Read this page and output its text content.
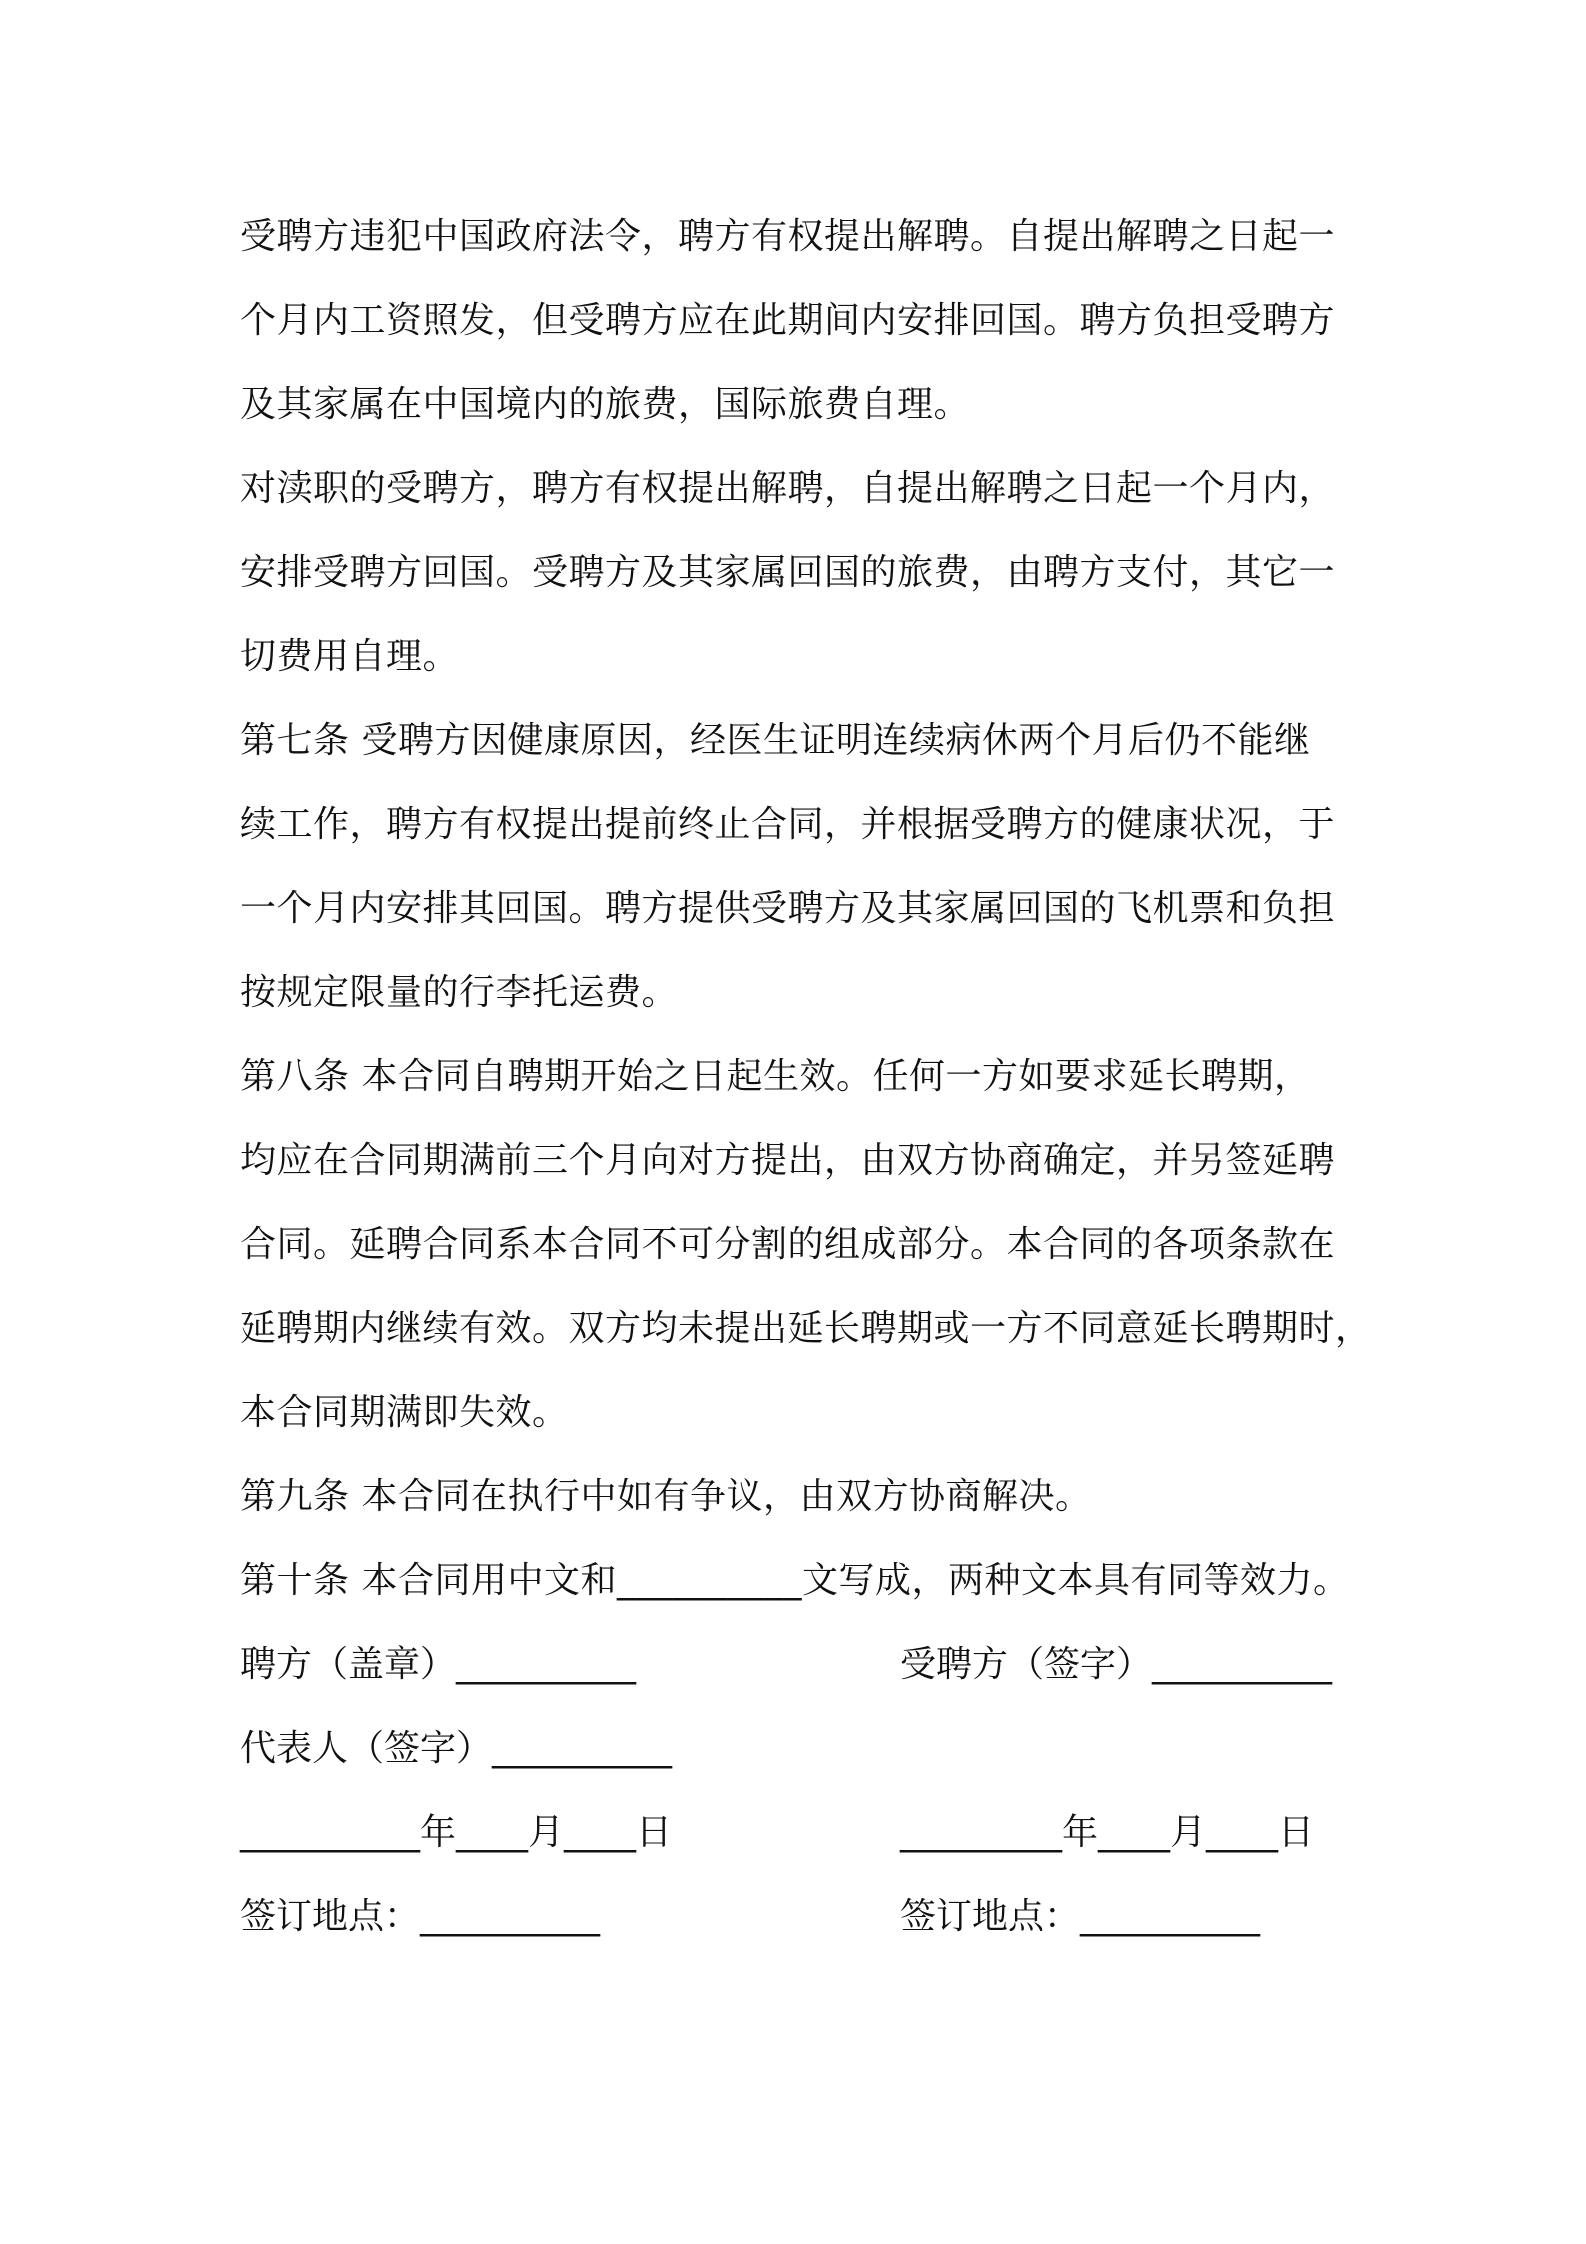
受聘方违犯中国政府法令，聘方有权提出解聘。自提出解聘之日起一
个月内工资照发，但受聘方应在此期间内安排回国。聘方负担受聘方
及其家属在中国境内的旅费，国际旅费自理。
对渎职的受聘方，聘方有权提出解聘，自提出解聘之日起一个月内，
安排受聘方回国。受聘方及其家属回国的旅费，由聘方支付，其它一
切费用自理。
第七条 受聘方因健康原因，经医生证明连续病休两个月后仍不能继
续工作，聘方有权提出提前终止合同，并根据受聘方的健康状况，于
一个月内安排其回国。聘方提供受聘方及其家属回国的飞机票和负担
按规定限量的行李托运费。
第八条 本合同自聘期开始之日起生效。任何一方如要求延长聘期，
均应在合同期满前三个月向对方提出，由双方协商确定，并另签延聘
合同。延聘合同系本合同不可分割的组成部分。本合同的各项条款在
延聘期内继续有效。双方均未提出延长聘期或一方不同意延长聘期时，
本合同期满即失效。
第九条 本合同在执行中如有争议，由双方协商解决。
第十条 本合同用中文和__________文写成，两种文本具有同等效力。
聘方（盖章）__________	受聘方（签字）__________
代表人（签字）__________
__________年____月____日	_________年____月____日
签订地点：__________	签订地点：__________
